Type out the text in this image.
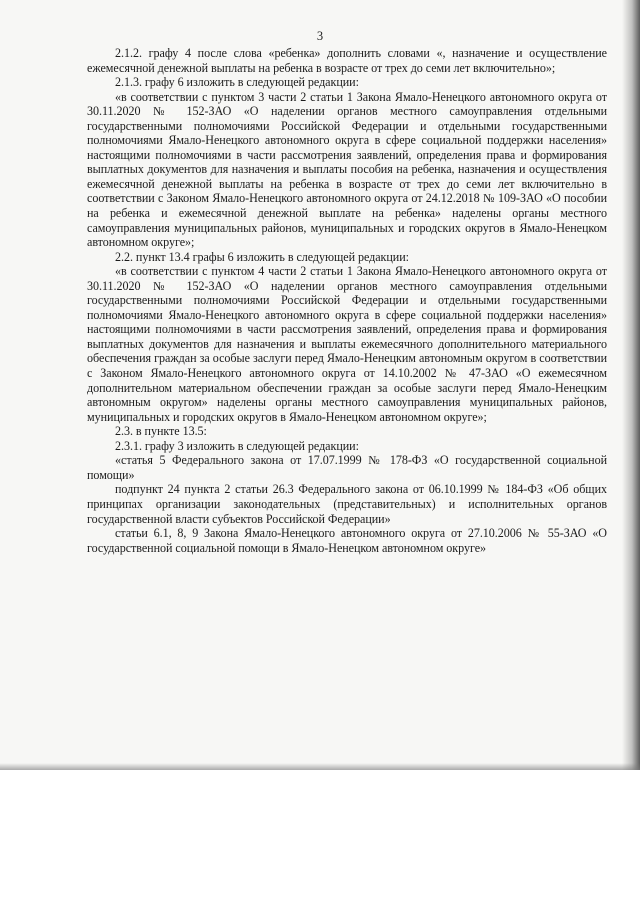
3

2.1.2. графу 4 после слова «ребенка» дополнить словами «, назначение и осуществление ежемесячной денежной выплаты на ребенка в возрасте от трех до семи лет включительно»;

2.1.3. графу 6 изложить в следующей редакции:

«в соответствии с пунктом 3 части 2 статьи 1 Закона Ямало-Ненецкого автономного округа от 30.11.2020 № 152-ЗАО «О наделении органов местного самоуправления отдельными государственными полномочиями Российской Федерации и отдельными государственными полномочиями Ямало-Ненецкого автономного округа в сфере социальной поддержки населения» настоящими полномочиями в части рассмотрения заявлений, определения права и формирования выплатных документов для назначения и выплаты пособия на ребенка, назначения и осуществления ежемесячной денежной выплаты на ребенка в возрасте от трех до семи лет включительно в соответствии с Законом Ямало-Ненецкого автономного округа от 24.12.2018 № 109-ЗАО «О пособии на ребенка и ежемесячной денежной выплате на ребенка» наделены органы местного самоуправления муниципальных районов, муниципальных и городских округов в Ямало-Ненецком автономном округе»;

2.2. пункт 13.4 графы 6 изложить в следующей редакции:

«в соответствии с пунктом 4 части 2 статьи 1 Закона Ямало-Ненецкого автономного округа от 30.11.2020 № 152-ЗАО «О наделении органов местного самоуправления отдельными государственными полномочиями Российской Федерации и отдельными государственными полномочиями Ямало-Ненецкого автономного округа в сфере социальной поддержки населения» настоящими полномочиями в части рассмотрения заявлений, определения права и формирования выплатных документов для назначения и выплаты ежемесячного дополнительного материального обеспечения граждан за особые заслуги перед Ямало-Ненецким автономным округом в соответствии с Законом Ямало-Ненецкого автономного округа от 14.10.2002 № 47-ЗАО «О ежемесячном дополнительном материальном обеспечении граждан за особые заслуги перед Ямало-Ненецким автономным округом» наделены органы местного самоуправления муниципальных районов, муниципальных и городских округов в Ямало-Ненецком автономном округе»;

2.3. в пункте 13.5:

2.3.1. графу 3 изложить в следующей редакции:

«статья 5 Федерального закона от 17.07.1999 № 178-ФЗ «О государственной социальной помощи»

подпункт 24 пункта 2 статьи 26.3 Федерального закона от 06.10.1999 № 184-ФЗ «Об общих принципах организации законодательных (представительных) и исполнительных органов государственной власти субъектов Российской Федерации»

статьи 6.1, 8, 9 Закона Ямало-Ненецкого автономного округа от 27.10.2006 № 55-ЗАО «О государственной социальной помощи в Ямало-Ненецком автономном округе»
